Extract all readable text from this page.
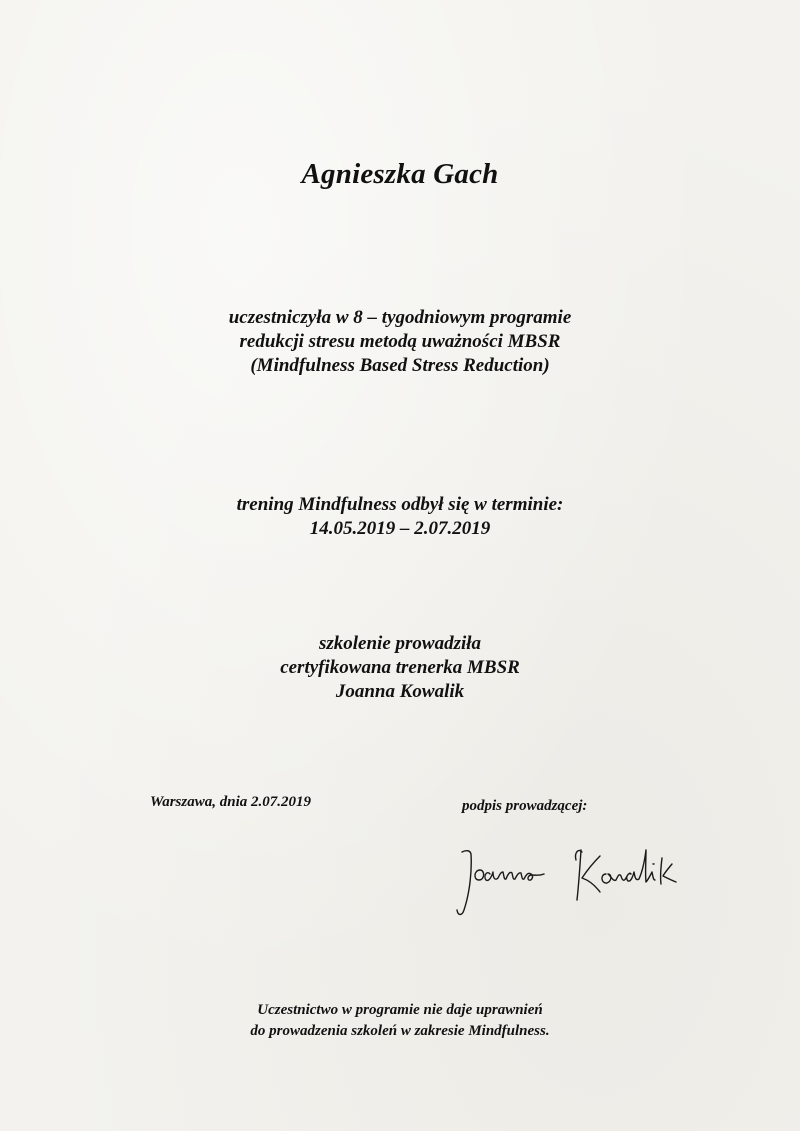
Agnieszka Gach
uczestniczyła w 8 – tygodniowym programie
redukcji stresu metodą uważności MBSR
(Mindfulness Based Stress Reduction)
trening Mindfulness odbył się w terminie:
14.05.2019 – 2.07.2019
szkolenie prowadziła
certyfikowana trenerka MBSR
Joanna Kowalik
Warszawa, dnia 2.07.2019	podpis prowadzącej:
Uczestnictwo w programie nie daje uprawnień
do prowadzenia szkoleń w zakresie Mindfulness.
